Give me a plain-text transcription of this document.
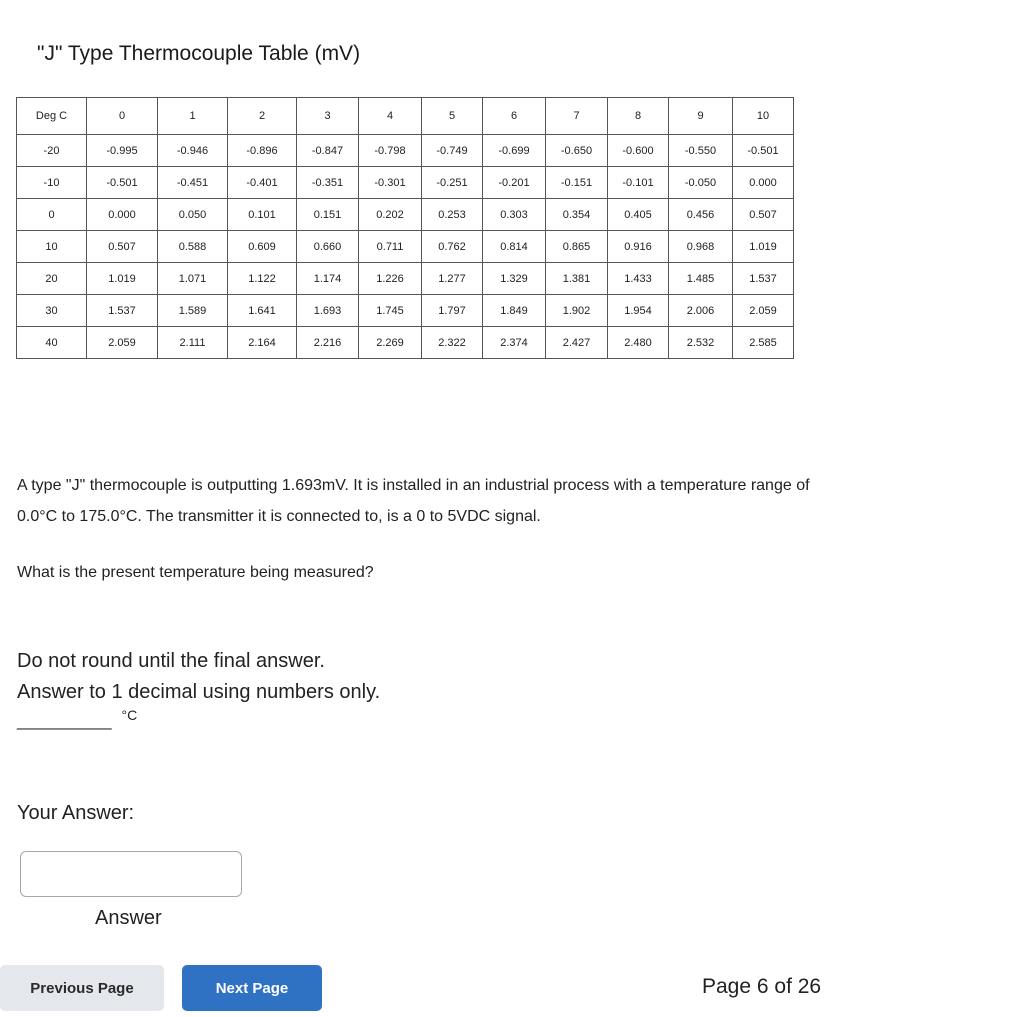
"J" Type Thermocouple Table (mV)
Deg C	0	1	2	3	4	5	6	7	8	9	10
-20	-0.995	-0.946	-0.896	-0.847	-0.798	-0.749	-0.699	-0.650	-0.600	-0.550	-0.501
-10	-0.501	-0.451	-0.401	-0.351	-0.301	-0.251	-0.201	-0.151	-0.101	-0.050	0.000
0	0.000	0.050	0.101	0.151	0.202	0.253	0.303	0.354	0.405	0.456	0.507
10	0.507	0.588	0.609	0.660	0.711	0.762	0.814	0.865	0.916	0.968	1.019
20	1.019	1.071	1.122	1.174	1.226	1.277	1.329	1.381	1.433	1.485	1.537
30	1.537	1.589	1.641	1.693	1.745	1.797	1.849	1.902	1.954	2.006	2.059
40	2.059	2.111	2.164	2.216	2.269	2.322	2.374	2.427	2.480	2.532	2.585

A type "J" thermocouple is outputting 1.693mV. It is installed in an industrial process with a temperature range of 0.0°C to 175.0°C. The transmitter it is connected to, is a 0 to 5VDC signal.

What is the present temperature being measured?

Do not round until the final answer.
Answer to 1 decimal using numbers only.
__________ $^{^\circ C}$
Your Answer:
Answer
Previous Page	Next Page	Page 6 of 26
